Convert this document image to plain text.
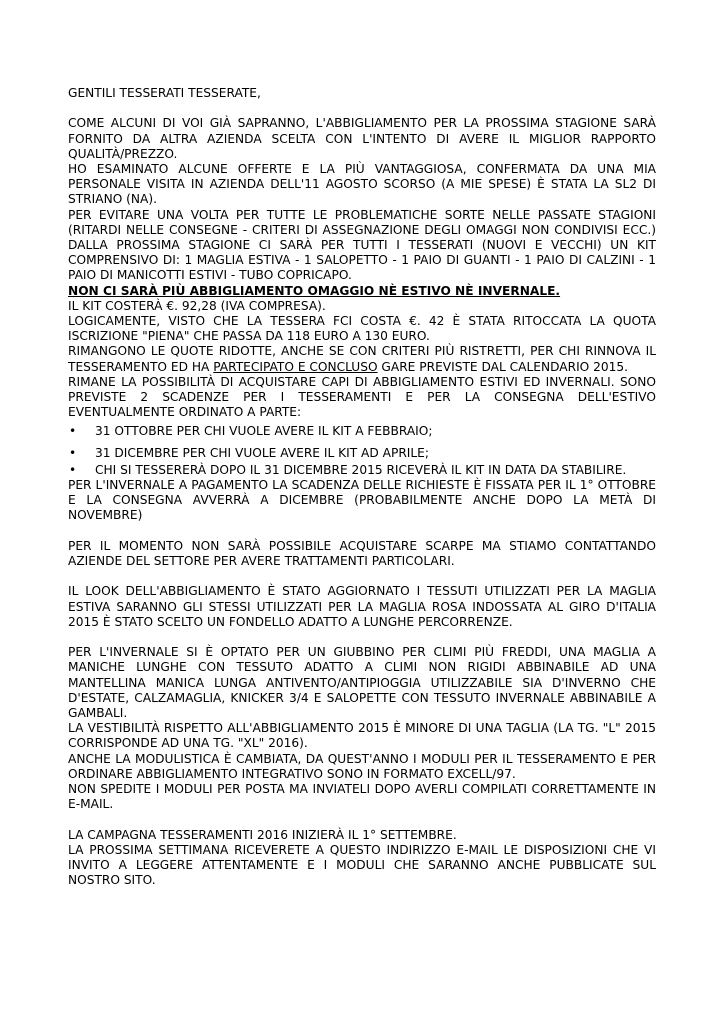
GENTILI TESSERATI TESSERATE,

COME ALCUNI DI VOI GIÀ SAPRANNO, L'ABBIGLIAMENTO PER LA PROSSIMA STAGIONE SARÀ FORNITO DA ALTRA AZIENDA SCELTA CON L'INTENTO DI AVERE IL MIGLIOR RAPPORTO QUALITÀ/PREZZO.

HO ESAMINATO ALCUNE OFFERTE E LA PIÙ VANTAGGIOSA, CONFERMATA DA UNA MIA PERSONALE VISITA IN AZIENDA DELL'11 AGOSTO SCORSO (A MIE SPESE) È STATA LA SL2 DI STRIANO (NA).

PER EVITARE UNA VOLTA PER TUTTE LE PROBLEMATICHE SORTE NELLE PASSATE STAGIONI (RITARDI NELLE CONSEGNE - CRITERI DI ASSEGNAZIONE DEGLI OMAGGI NON CONDIVISI ECC.) DALLA PROSSIMA STAGIONE CI SARÀ PER TUTTI I TESSERATI (NUOVI E VECCHI) UN KIT COMPRENSIVO DI: 1 MAGLIA ESTIVA - 1 SALOPETTO - 1 PAIO DI GUANTI - 1 PAIO DI CALZINI - 1 PAIO DI MANICOTTI ESTIVI - TUBO COPRICAPO.

NON CI SARÀ PIÙ ABBIGLIAMENTO OMAGGIO NÈ ESTIVO NÈ INVERNALE.

IL KIT COSTERÀ €. 92,28 (IVA COMPRESA).

LOGICAMENTE, VISTO CHE LA TESSERA FCI COSTA €. 42 È STATA RITOCCATA LA QUOTA ISCRIZIONE "PIENA" CHE PASSA DA 118 EURO A 130 EURO.

RIMANGONO LE QUOTE RIDOTTE, ANCHE SE CON CRITERI PIÙ RISTRETTI, PER CHI RINNOVA IL TESSERAMENTO ED HA PARTECIPATO E CONCLUSO GARE PREVISTE DAL CALENDARIO 2015.

RIMANE LA POSSIBILITÀ DI ACQUISTARE CAPI DI ABBIGLIAMENTO ESTIVI ED INVERNALI. SONO PREVISTE 2 SCADENZE PER I TESSERAMENTI E PER LA CONSEGNA DELL'ESTIVO EVENTUALMENTE ORDINATO A PARTE:

• 31 OTTOBRE PER CHI VUOLE AVERE IL KIT A FEBBRAIO;
• 31 DICEMBRE PER CHI VUOLE AVERE IL KIT AD APRILE;
• CHI SI TESSERERÀ DOPO IL 31 DICEMBRE 2015 RICEVERÀ IL KIT IN DATA DA STABILIRE.

PER L'INVERNALE A PAGAMENTO LA SCADENZA DELLE RICHIESTE È FISSATA PER IL 1° OTTOBRE E LA CONSEGNA AVVERRÀ A DICEMBRE (PROBABILMENTE ANCHE DOPO LA METÀ DI NOVEMBRE)

PER IL MOMENTO NON SARÀ POSSIBILE ACQUISTARE SCARPE MA STIAMO CONTATTANDO AZIENDE DEL SETTORE PER AVERE TRATTAMENTI PARTICOLARI.

IL LOOK DELL'ABBIGLIAMENTO È STATO AGGIORNATO I TESSUTI UTILIZZATI PER LA MAGLIA ESTIVA SARANNO GLI STESSI UTILIZZATI PER LA MAGLIA ROSA INDOSSATA AL GIRO D'ITALIA 2015 È STATO SCELTO UN FONDELLO ADATTO A LUNGHE PERCORRENZE.

PER L'INVERNALE SI È OPTATO PER UN GIUBBINO PER CLIMI PIÙ FREDDI, UNA MAGLIA A MANICHE LUNGHE CON TESSUTO ADATTO A CLIMI NON RIGIDI ABBINABILE AD UNA MANTELLINA MANICA LUNGA ANTIVENTO/ANTIPIOGGIA UTILIZZABILE SIA D'INVERNO CHE D'ESTATE, CALZAMAGLIA, KNICKER 3/4 E SALOPETTE CON TESSUTO INVERNALE ABBINABILE A GAMBALI.

LA VESTIBILITÀ RISPETTO ALL'ABBIGLIAMENTO 2015 È MINORE DI UNA TAGLIA (LA TG. "L" 2015 CORRISPONDE AD UNA TG. "XL" 2016).

ANCHE LA MODULISTICA È CAMBIATA, DA QUEST'ANNO I MODULI PER IL TESSERAMENTO E PER ORDINARE ABBIGLIAMENTO INTEGRATIVO SONO IN FORMATO EXCELL/97.

NON SPEDITE I MODULI PER POSTA MA INVIATELI DOPO AVERLI COMPILATI CORRETTAMENTE IN E-MAIL.

LA CAMPAGNA TESSERAMENTI 2016 INIZIERÀ IL 1° SETTEMBRE.

LA PROSSIMA SETTIMANA RICEVERETE A QUESTO INDIRIZZO E-MAIL LE DISPOSIZIONI CHE VI INVITO A LEGGERE ATTENTAMENTE E I MODULI CHE SARANNO ANCHE PUBBLICATE SUL NOSTRO SITO.
